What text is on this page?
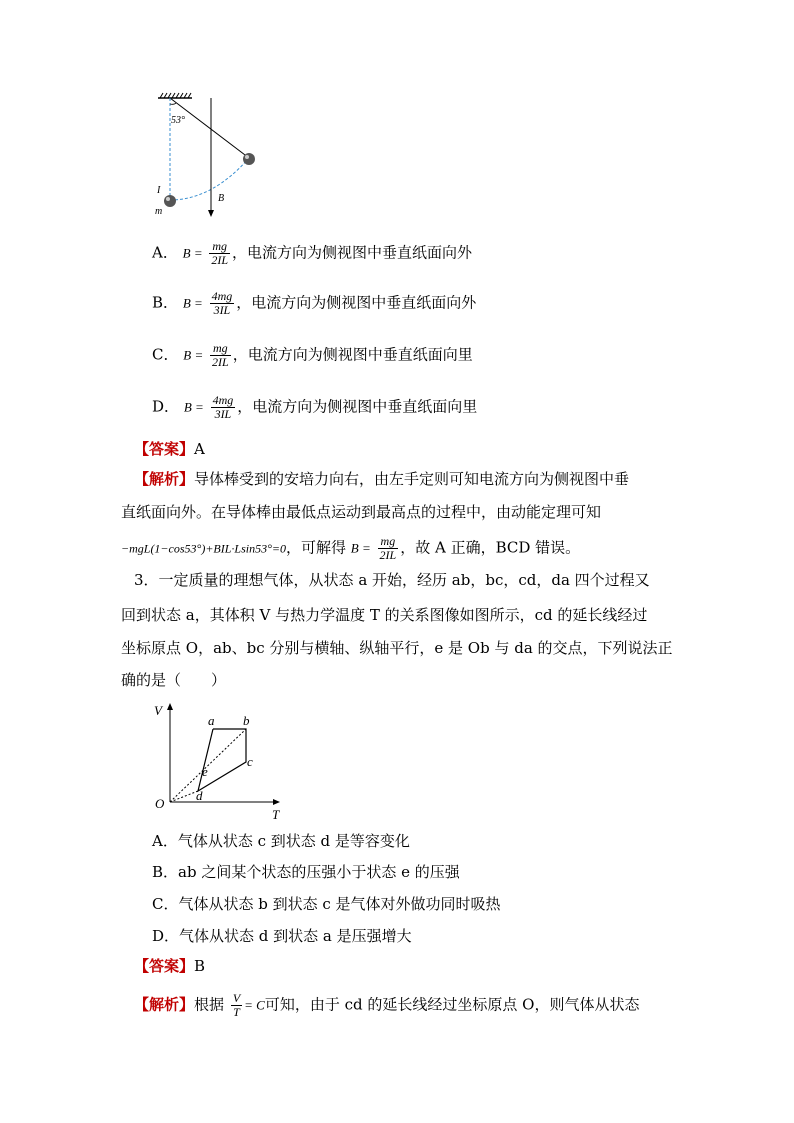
53°
I
m
B
A． $B = \frac{mg}{2IL}$ ，电流方向为侧视图中垂直纸面向外
B． $B = \frac{4mg}{3IL}$ ，电流方向为侧视图中垂直纸面向外
C． $B = \frac{mg}{2IL}$ ，电流方向为侧视图中垂直纸面向里
D． $B = \frac{4mg}{3IL}$ ，电流方向为侧视图中垂直纸面向里
【答案】A
【解析】导体棒受到的安培力向右，由左手定则可知电流方向为侧视图中垂
直纸面向外。在导体棒由最低点运动到最高点的过程中，由动能定理可知
−mgL(1−cos53°)+BIL·Lsin53°=0，可解得 $B = \frac{mg}{2IL}$ ，故 A 正确，BCD 错误。
3．一定质量的理想气体，从状态 a 开始，经历 ab，bc，cd，da 四个过程又
回到状态 a，其体积 V 与热力学温度 T 的关系图像如图所示，cd 的延长线经过
坐标原点 O，ab、bc 分别与横轴、纵轴平行，e 是 Ob 与 da 的交点，下列说法正
确的是（　　）
V
T
O
a b
c
d
e
A．气体从状态 c 到状态 d 是等容变化
B．ab 之间某个状态的压强小于状态 e 的压强
C．气体从状态 b 到状态 c 是气体对外做功同时吸热
D．气体从状态 d 到状态 a 是压强增大
【答案】B
【解析】根据 $\frac{V}{T} = C$可知，由于 cd 的延长线经过坐标原点 O，则气体从状态
